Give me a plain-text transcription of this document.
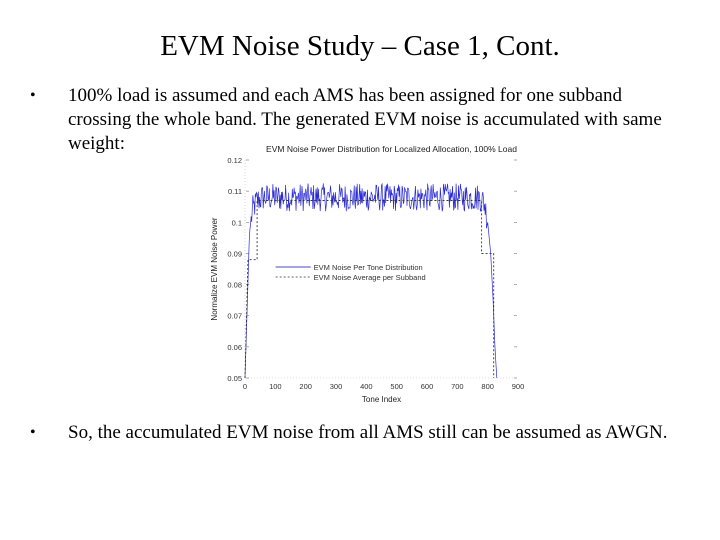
EVM Noise Study – Case 1, Cont.
• 100% load is assumed and each AMS has been assigned for one subband crossing the whole band. The generated EVM noise is accumulated with same weight:	EVM Noise Power Distribution for Localized Allocation, 100% Load
Normalize EVM Noise Power
Tone Index
0.05
0.06
0.07
0.08
0.09
0.1
0.11
0.12
0	100 200 300 400 500 600 700 800 900
EVM Noise Per Tone Distribution
EVM Noise Average per Subband
• So, the accumulated EVM noise from all AMS still can be assumed as AWGN.
